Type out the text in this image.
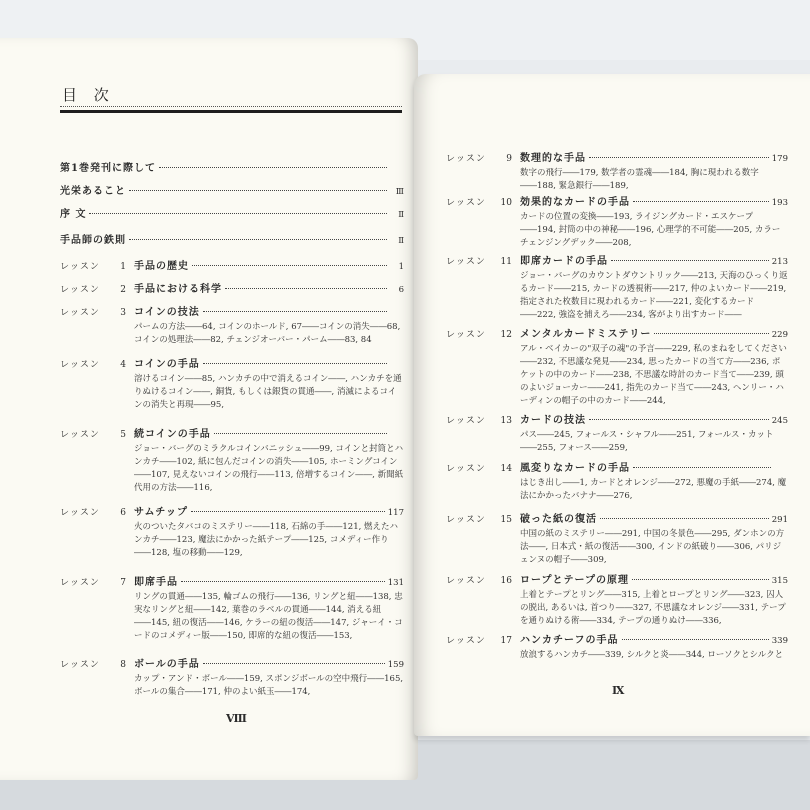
目 次
第1巻発刊に際して
光栄あること	Ⅲ
序 文	Ⅱ
手品師の鉄則	Ⅱ
レッスン	1 手品の歴史	1
レッスン	2 手品における科学	6
レッスン	3 コインの技法
パームの方法――64, コインのホールド, 67――コインの消失――68, コインの処理法――82, チェンジオーバー・パーム――83, 84
レッスン	4 コインの手品
溶けるコイン――85, ハンカチの中で消えるコイン――, ハンカチを通りぬけるコイン――, 銅貨, もしくは銀貨の貫通――, 消滅によるコインの消失と再現――95,
レッスン	5 続コインの手品
ジョー・バーグのミラクルコインバニッシュ――99, コインと封筒とハンカチ――102, 紙に包んだコインの消失――105, ホーミングコイン――107, 見えないコインの飛行――113, 倍増するコイン――, 新聞紙代用の方法――116,
レッスン	6 サムチップ	117
火のついたタバコのミステリー――118, 石綿の手――121, 燃えたハンカチ――123, 魔法にかかった紙テープ――125, コメディー作り――128, 塩の移動――129,
レッスン	7 即席手品	131
リングの貫通――135, 輪ゴムの飛行――136, リングと紐――138, 忠実なリングと紐――142, 葉巻のラベルの貫通――144, 消える紐――145, 紐の復活――146, ケラーの紐の復活――147, ジャーイ・コードのコメディー版――150, 即席的な紐の復活――153,
レッスン	8 ボールの手品	159
カップ・アンド・ボール――159, スポンジボールの空中飛行――165, ボールの集合――171, 仲のよい紙玉――174,
Ⅷ
レッスン	9 数理的な手品	179
数字の飛行――179, 数学者の霊魂――184, 胸に現われる数字――188, 緊急銀行――189,
レッスン	10 効果的なカードの手品	193
カードの位置の変換――193, ライジングカード・エスケープ――194, 封筒の中の神秘――196, 心理学的不可能――205, カラーチェンジングデック――208,
レッスン	11 即席カードの手品	213
ジョー・バーグのカウントダウントリック――213, 天海のひっくり返るカード――215, カードの透視術――217, 仲のよいカード――219, 指定された枚数目に現われるカード――221, 変化するカード――222, 強盗を捕えろ――234, 客がより出すカード――
レッスン	12 メンタルカードミステリー	229
アル・ベイカーの"双子の魂"の予言――229, 私のまねをしてください――232, 不思議な発見――234, 思ったカードの当て方――236, ポケットの中のカード――238, 不思議な時計のカード当て――239, 頭のよいジョーカー――241, 指先のカード当て――243, ヘンリー・ハーディンの帽子の中のカード――244,
レッスン	13 カードの技法	245
パス――245, フォールス・シャフル――251, フォールス・カット――255, フォース――259,
レッスン	14 風変りなカードの手品
はじき出し――1, カードとオレンジ――272, 悪魔の手紙――274, 魔法にかかったバナナ――276,
レッスン	15 破った紙の復活	291
中国の紙のミステリー――291, 中国の冬景色――295, ダンホンの方法――, 日本式・紙の復活――300, インドの紙破り――306, パリジェンヌの帽子――309,
レッスン	16 ロープとテープの原理	315
上着とテープとリング――315, 上着とロープとリング――323, 囚人の脱出, あるいは, 首つり――327, 不思議なオレンジ――331, テープを通りぬける術――334, テープの通りぬけ――336,
レッスン	17 ハンカチーフの手品	339
放浪するハンカチ――339, シルクと炎――344, ローソクとシルクと
Ⅸ
